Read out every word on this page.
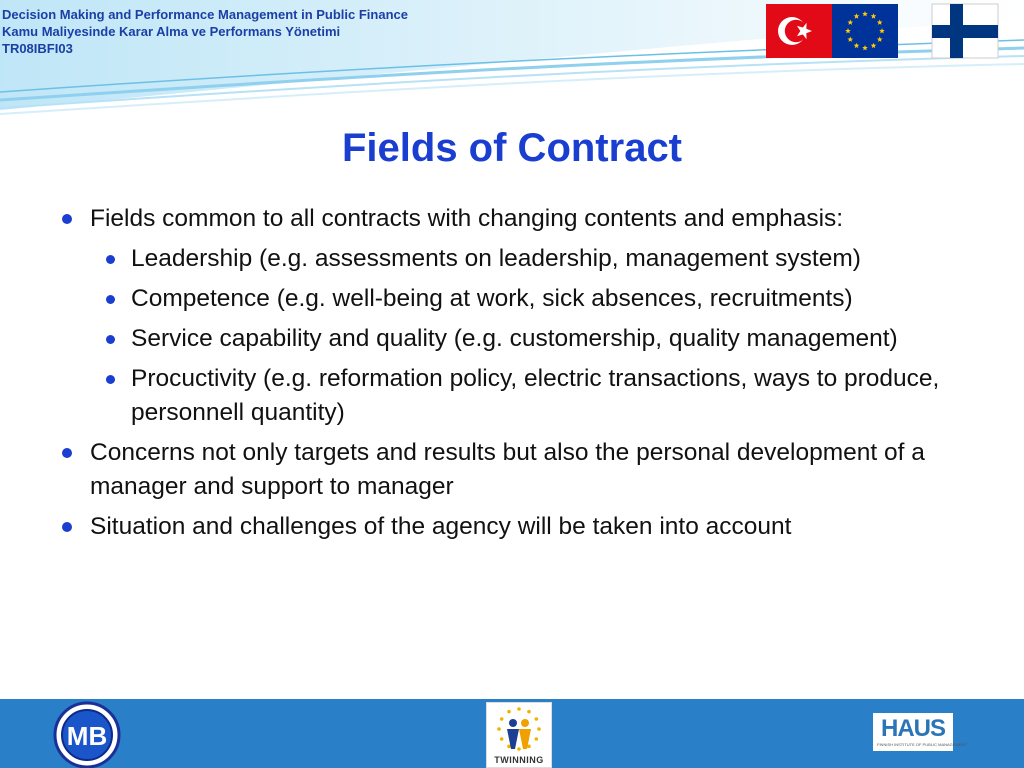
Decision Making and Performance Management in Public Finance
Kamu Maliyesinde Karar Alma ve Performans Yönetimi
TR08IBFI03
Fields of Contract
Fields common to all contracts with changing contents and emphasis:
Leadership (e.g. assessments on leadership, management system)
Competence (e.g. well-being at work, sick absences, recruitments)
Service capability and quality (e.g. customership, quality management)
Procuctivity (e.g. reformation policy, electric transactions, ways to produce, personnell quantity)
Concerns not only targets and results but also the personal development of a manager and support to manager
Situation and challenges of the agency will be taken into account
MB
TWINNING
HAUS
FINNISH INSTITUTE OF PUBLIC MANAGEMENT
